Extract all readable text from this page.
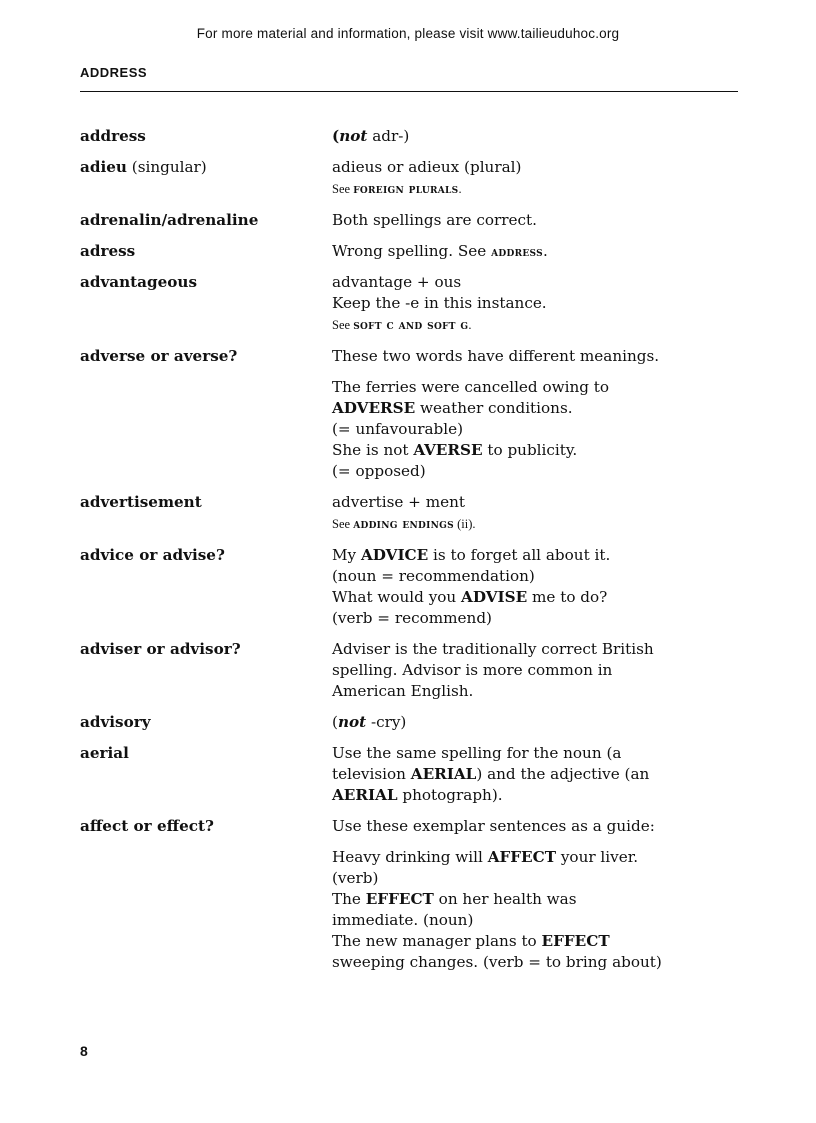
For more material and information, please visit www.tailieuduhoc.org
ADDRESS
address	(not adr-)
adieu (singular)	adieus or adieux (plural)
See foreign plurals.
adrenalin/adrenaline	Both spellings are correct.
adress	Wrong spelling. See address.
advantageous	advantage + ous
Keep the -e in this instance.
See soft c and soft g.
adverse or averse?	These two words have different meanings.
The ferries were cancelled owing to
ADVERSE weather conditions.
(= unfavourable)
She is not AVERSE to publicity.
(= opposed)
advertisement	advertise + ment
See adding endings (ii).
advice or advise?	My ADVICE is to forget all about it.
(noun = recommendation)
What would you ADVISE me to do?
(verb = recommend)
adviser or advisor?	Adviser is the traditionally correct British
spelling. Advisor is more common in
American English.
advisory	(not -cry)
aerial	Use the same spelling for the noun (a
television AERIAL) and the adjective (an
AERIAL photograph).
affect or effect?	Use these exemplar sentences as a guide:
Heavy drinking will AFFECT your liver.
(verb)
The EFFECT on her health was
immediate. (noun)
The new manager plans to EFFECT
sweeping changes. (verb = to bring about)
8
